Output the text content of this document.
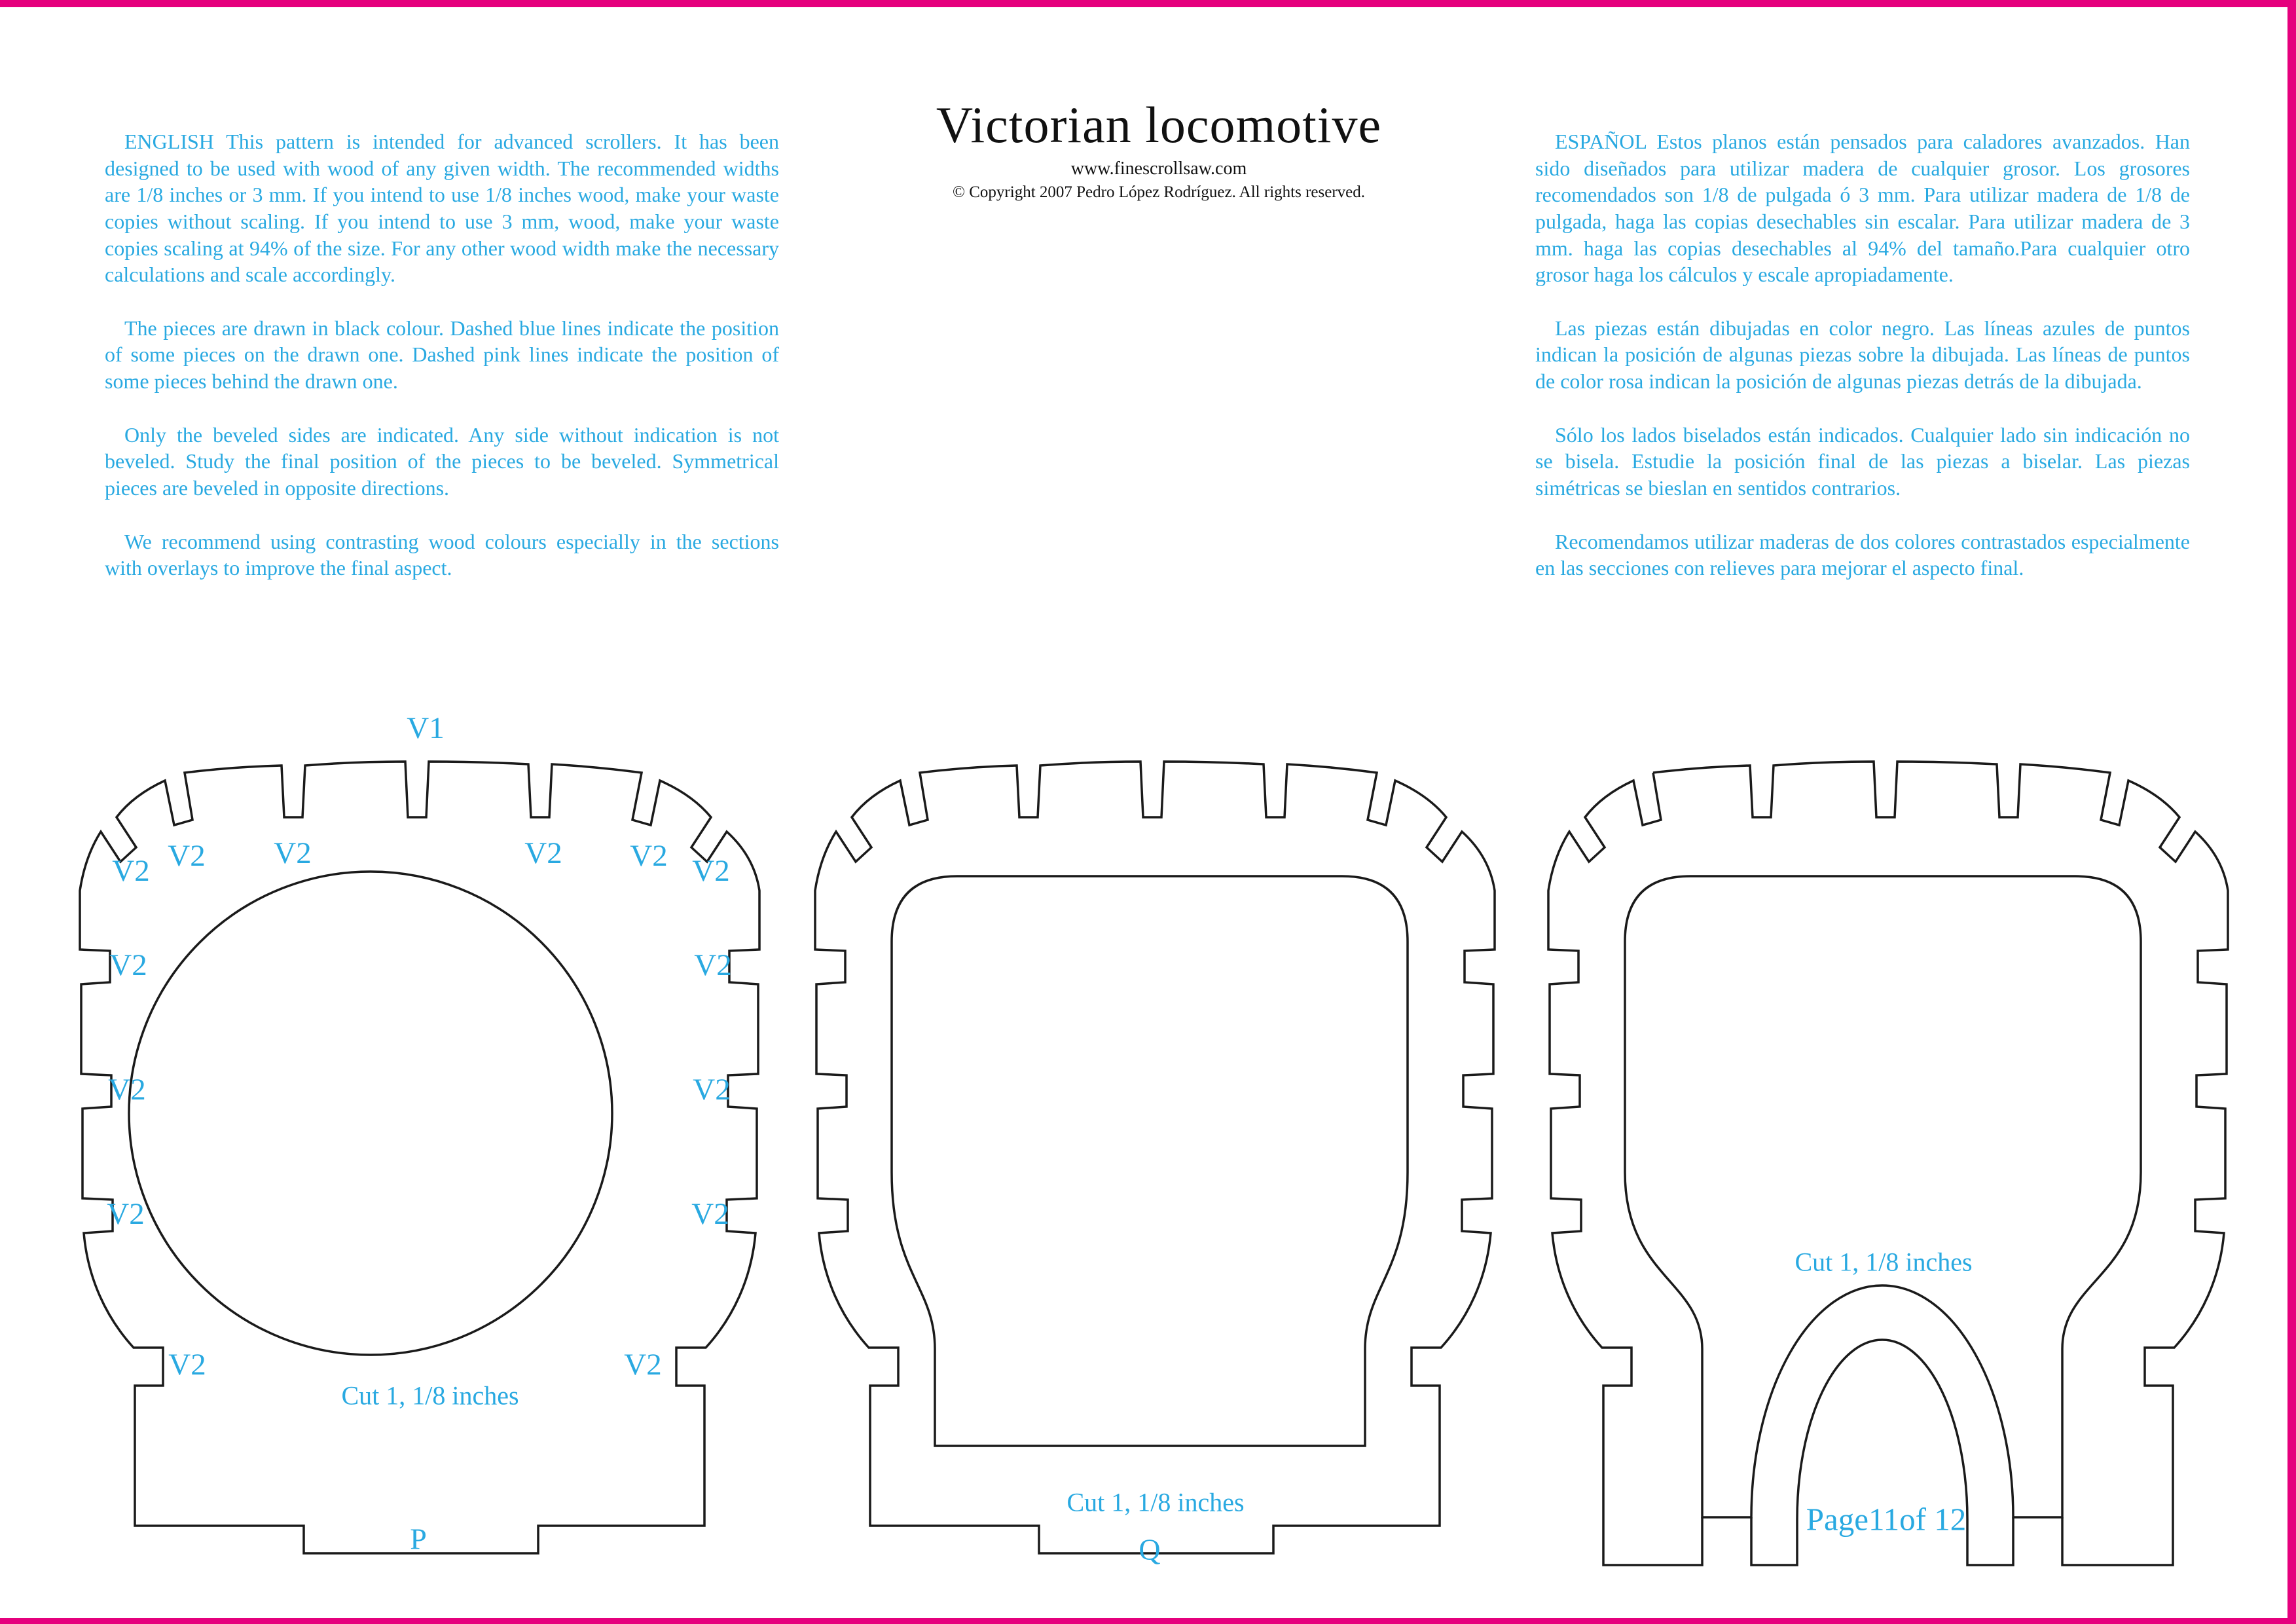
Victorian locomotive
www.finescrollsaw.com
© Copyright 2007 Pedro López Rodríguez. All rights reserved.

ENGLISH This pattern is intended for advanced scrollers. It has been designed to be used with wood of any given width. The recommended widths are 1/8 inches or 3 mm. If you intend to use 1/8 inches wood, make your waste copies without scaling. If you intend to use 3 mm, wood, make your waste copies scaling at 94% of the size. For any other wood width make the necessary calculations and scale accordingly.

The pieces are drawn in black colour. Dashed blue lines indicate the position of some pieces on the drawn one. Dashed pink lines indicate the position of some pieces behind the drawn one.

Only the beveled sides are indicated. Any side without indication is not beveled. Study the final position of the pieces to be beveled. Symmetrical pieces are beveled in opposite directions.

We recommend using contrasting wood colours especially in the sections with overlays to improve the final aspect.

ESPAÑOL Estos planos están pensados para caladores avanzados. Han sido diseñados para utilizar madera de cualquier grosor. Los grosores recomendados son 1/8 de pulgada ó 3 mm. Para utilizar madera de 1/8 de pulgada, haga las copias desechables sin escalar. Para utilizar madera de 3 mm. haga las copias desechables al 94% del tamaño.Para cualquier otro grosor haga los cálculos y escale apropiadamente.

Las piezas están dibujadas en color negro. Las líneas azules de puntos indican la posición de algunas piezas sobre la dibujada. Las líneas de puntos de color rosa indican la posición de algunas piezas detrás de la dibujada.

Sólo los lados biselados están indicados. Cualquier lado sin indicación no se bisela. Estudie la posición final de las piezas a biselar. Las piezas simétricas se bieslan en sentidos contrarios.

Recomendamos utilizar maderas de dos colores contrastados especialmente en las secciones con relieves para mejorar el aspecto final.

V1
V2 V2	V2 V2
V2	V2
V2	V2
V2	V2
V2	V2
V2	V2
Cut 1, 1/8 inches
P
Cut 1, 1/8 inches
Q
Cut 1, 1/8 inches
Page11of 12
